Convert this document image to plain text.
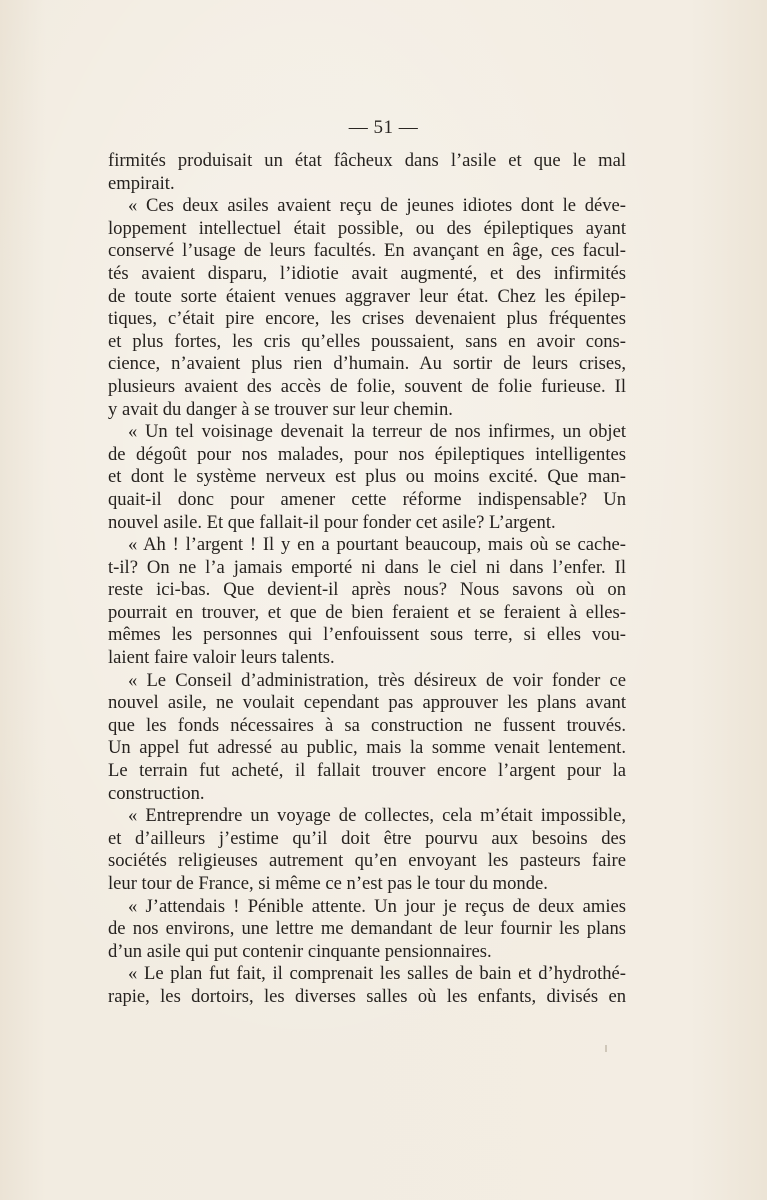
— 51 —
firmités produisait un état fâcheux dans l’asile et que le mal
empirait.
« Ces deux asiles avaient reçu de jeunes idiotes dont le déve-
loppement intellectuel était possible, ou des épileptiques ayant
conservé l’usage de leurs facultés. En avançant en âge, ces facul-
tés avaient disparu, l’idiotie avait augmenté, et des infirmités
de toute sorte étaient venues aggraver leur état. Chez les épilep-
tiques, c’était pire encore, les crises devenaient plus fréquentes
et plus fortes, les cris qu’elles poussaient, sans en avoir cons-
cience, n’avaient plus rien d’humain. Au sortir de leurs crises,
plusieurs avaient des accès de folie, souvent de folie furieuse. Il
y avait du danger à se trouver sur leur chemin.
« Un tel voisinage devenait la terreur de nos infirmes, un objet
de dégoût pour nos malades, pour nos épileptiques intelligentes
et dont le système nerveux est plus ou moins excité. Que man-
quait-il donc pour amener cette réforme indispensable? Un
nouvel asile. Et que fallait-il pour fonder cet asile? L’argent.
« Ah ! l’argent ! Il y en a pourtant beaucoup, mais où se cache-
t-il? On ne l’a jamais emporté ni dans le ciel ni dans l’enfer. Il
reste ici-bas. Que devient-il après nous? Nous savons où on
pourrait en trouver, et que de bien feraient et se feraient à elles-
mêmes les personnes qui l’enfouissent sous terre, si elles vou-
laient faire valoir leurs talents.
« Le Conseil d’administration, très désireux de voir fonder ce
nouvel asile, ne voulait cependant pas approuver les plans avant
que les fonds nécessaires à sa construction ne fussent trouvés.
Un appel fut adressé au public, mais la somme venait lentement.
Le terrain fut acheté, il fallait trouver encore l’argent pour la
construction.
« Entreprendre un voyage de collectes, cela m’était impossible,
et d’ailleurs j’estime qu’il doit être pourvu aux besoins des
sociétés religieuses autrement qu’en envoyant les pasteurs faire
leur tour de France, si même ce n’est pas le tour du monde.
« J’attendais ! Pénible attente. Un jour je reçus de deux amies
de nos environs, une lettre me demandant de leur fournir les plans
d’un asile qui put contenir cinquante pensionnaires.
« Le plan fut fait, il comprenait les salles de bain et d’hydrothé-
rapie, les dortoirs, les diverses salles où les enfants, divisés en
